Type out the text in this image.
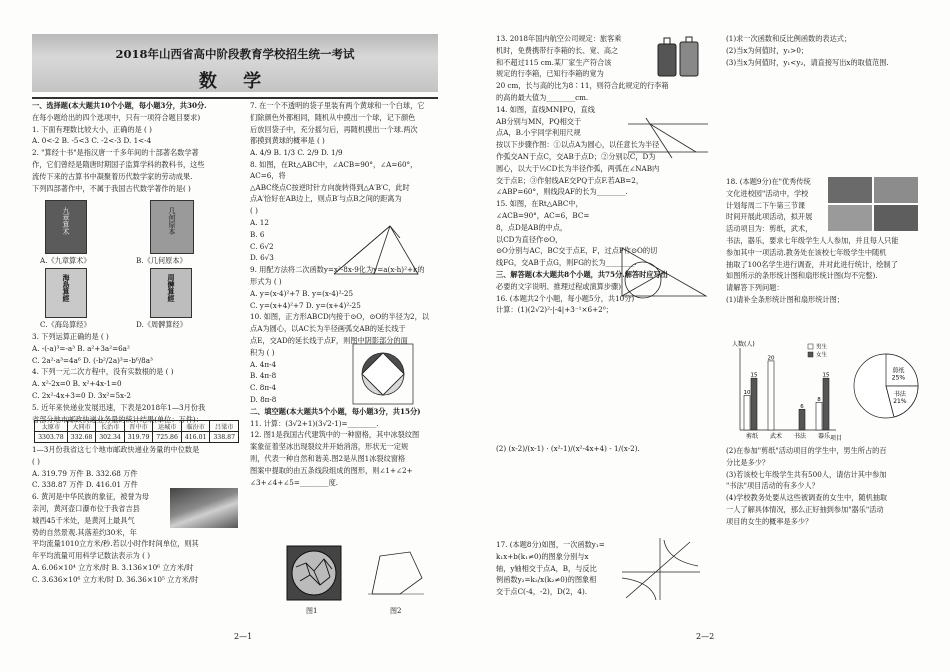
2018年山西省高中阶段教育学校招生统一考试
数 学

一、选择题(本大题共10个小题，每小题3分，共30分.

在每小题给出的四个选项中，只有一项符合题目要求)

1. 下面有理数比较大小，正确的是 ( )

A. 0<-2 B. -5<3 C. -2<-3 D. 1<-4

2. "算经十书"是指汉唐一千多年间的十部著名数学著

作，它们曾经是隋唐时期国子监算学科的教科书，这些

流传下来的古算书中凝聚着历代数学家的劳动成果.

下列四部著作中，不属于我国古代数学著作的是( )

九章算术
A.《九章算术》
几何原本
B.《几何原本》
海島算經
C.《海岛算经》
周髀算經
D.《周髀算经》

3. 下列运算正确的是 ( )

A. -(-a)³=-a³ B. a²+3a²=6a²

C. 2a²·a³=4a⁶ D. (-b²/2a)³=-b⁶/8a³

4. 下列一元二次方程中，没有实数根的是 ( )

A. x²-2x=0 B. x²+4x-1=0

C. 2x²-4x+3=0 D. 3x²=5x-2

5. 近年来快递业发展迅速，下表是2018年1—3月份我

省部分地市邮政快递业务量的统计结果(单位：万件)：

太原市	大同市	长治市	晋中市	运城市	临汾市	吕梁市
3303.78	332.68	302.34	319.79	725.86	416.01	338.87

1—3月份我省这七个地市邮政快递业务量的中位数是

( )

A. 319.79 万件 B. 332.68 万件

C. 338.87 万件 D. 416.01 万件

6. 黄河是中华民族的象征，被誉为母

亲河，黄河壶口瀑布位于我省吉县

城西45千米处，是黄河上最具气

势的自然景观.其落差约30米，年

平均流量1010立方米/秒.若以小时作时间单位，则其

年平均流量可用科学记数法表示为 ( )

A. 6.06×10⁴ 立方米/时 B. 3.136×10⁶ 立方米/时

C. 3.636×10⁶ 立方米/时 D. 36.36×10⁵ 立方米/时

7. 在一个不透明的袋子里装有两个黄球和一个白球，它

们除颜色外都相同，随机从中摸出一个球，记下颜色

后放回袋子中，充分摇匀后，再随机摸出一个球.两次

都摸到黄球的概率是 ( )

A. 4/9 B. 1/3 C. 2/9 D. 1/9

8. 如图，在Rt△ABC中，∠ACB=90°，∠A=60°，AC=6，将

△ABC绕点C按逆时针方向旋转得到△A′B′C，此时

点A′恰好在AB边上，则点B′与点B之间的距离为

( )

A. 12

B. 6

C. 6√2

D. 6√3

9. 用配方法将二次函数y=x²-8x-9化为y=a(x-h)²+k的

形式为 ( )

A. y=(x-4)²+7 B. y=(x-4)²-25

C. y=(x+4)²+7 D. y=(x+4)²-25

10. 如图，正方形ABCD内接于⊙O，⊙O的半径为2，以

点A为圆心，以AC长为半径画弧交AB的延长线于

点E，交AD的延长线于点F，则图中阴影部分的面

积为 ( )

A. 4π-4

B. 4π-8

C. 8π-4

D. 8π-8

二、填空题(本大题共5个小题，每小题3分，共15分)

11. 计算：(3√2+1)(3√2-1)=________.

12. 图1是我国古代建筑中的一种窗格，其中冰裂纹图

案象征着坚冰出现裂纹并开始消溶，形状无一定规

则，代表一种自然和谐美.图2是从图1冰裂纹窗格

图案中提取的由五条线段组成的图形，则∠1+∠2+

∠3+∠4+∠5=________度.

图1	图2
2—1

13. 2018年国内航空公司规定：旅客乘

机时，免费携带行李箱的长、宽、高之

和不超过115 cm.某厂家生产符合该

规定的行李箱，已知行李箱的宽为

20 cm，长与高的比为8∶11，则符合此规定的行李箱

的高的最大值为________cm.

14. 如图，直线MN∥PQ，直线

AB分别与MN，PQ相交于

点A，B.小宇同学利用尺规

按以下步骤作图：①以点A为圆心，以任意长为半径

作弧交AN于点C，交AB于点D；②分别以C，D为

圆心，以大于½CD长为半径作弧，两弧在∠NAB内

交于点E；③作射线AE交PQ于点F.若AB=2，

∠ABP=60°，则线段AF的长为________.

15. 如图，在Rt△ABC中，

∠ACB=90°，AC=6，BC=

8，点D是AB的中点，

以CD为直径作⊙O，

⊙O分别与AC，BC交于点E，F，过点F作⊙O的切

线FG，交AB于点G，则FG的长为________.

三、解答题(本大题共8个小题，共75分.解答时应写出

必要的文字说明、推理过程或演算步骤)

16. (本题共2个小题，每小题5分，共10分)

计算：(1)(2√2)²-|-4|+3⁻¹×6+2⁰；

(2) (x-2)/(x-1) · (x²-1)/(x²-4x+4) - 1/(x-2).

17. (本题8分)如图，一次函数y₁=

k₁x+b(k₁≠0)的图象分别与x

轴，y轴相交于点A，B，与反比

例函数y₂=k₂/x(k₂≠0)的图象相

交于点C(-4，-2)，D(2，4).

2—2

(1)求一次函数和反比例函数的表达式；

(2)当x为何值时，y₁>0；

(3)当x为何值时，y₁<y₂，请直接写出x的取值范围.

18. (本题9分)在"优秀传统

文化进校园"活动中，学校

计划每周二下午第三节课

时间开展此项活动，拟开展

活动项目为：剪纸，武术，

书法，器乐，要求七年级学生人人参加，并且每人只能

参加其中一项活动.教务处在该校七年级学生中随机

抽取了100名学生进行调查，并对此进行统计，绘制了

如图所示的条形统计图和扇形统计图(均不完整).

请解答下列问题：

(1)请补全条形统计图和扇形统计图；

人数(人)
项目
剪纸
10
15
武术
20
书法
6
器乐
8
15
男生
女生
剪纸
25%
书法
21%

(2)在参加"剪纸"活动项目的学生中，男生所占的百

分比是多少？

(3)若该校七年级学生共有500人，请估计其中参加

"书法"项目活动的有多少人？

(4)学校教务处要从这些被调查的女生中，随机抽取

一人了解具体情况，那么正好抽到参加"器乐"活动

项目的女生的概率是多少？
